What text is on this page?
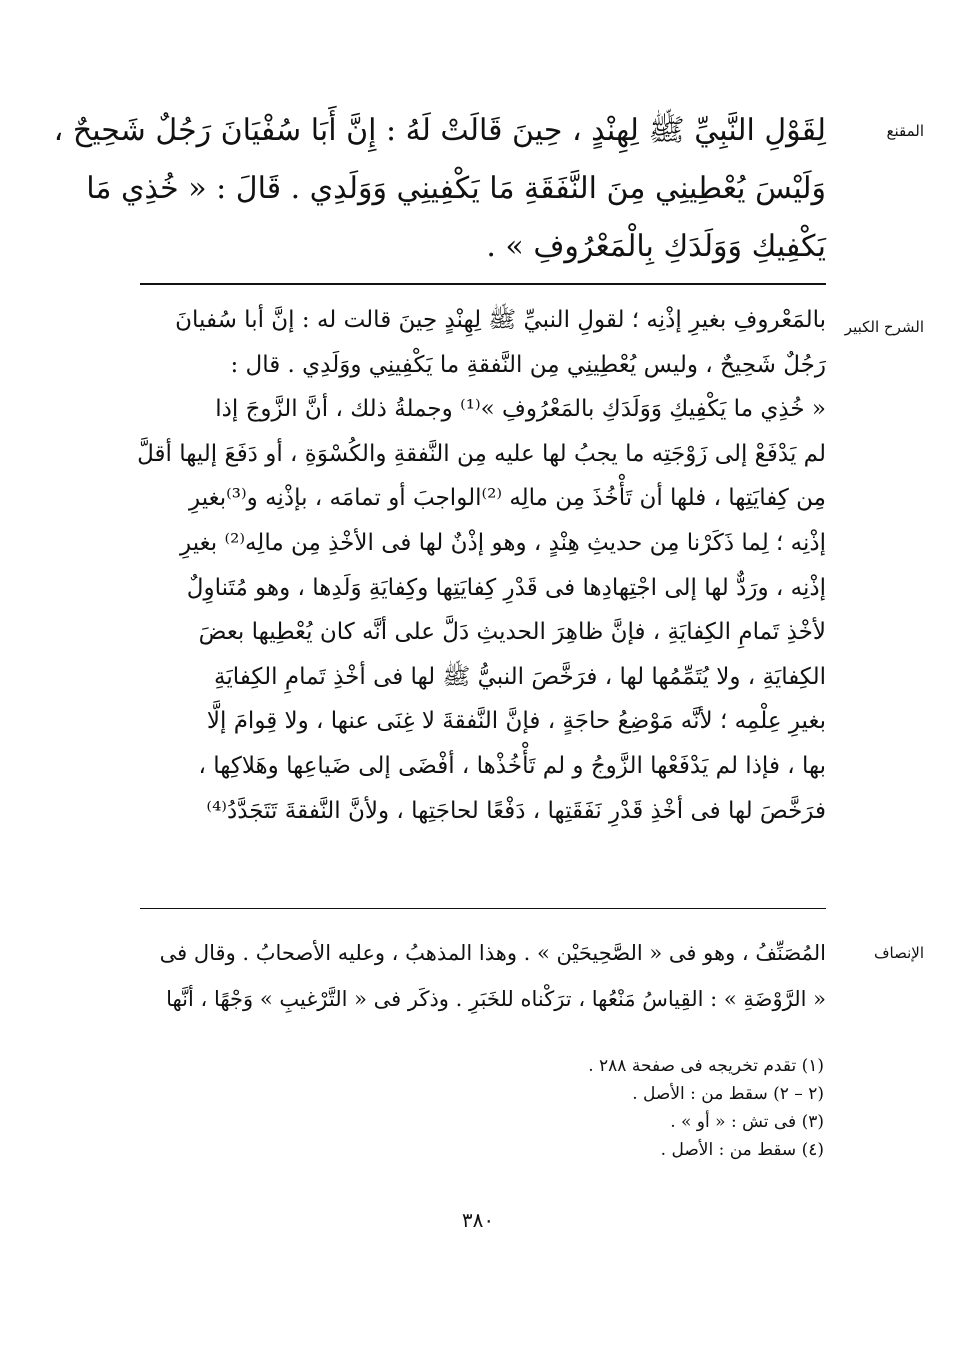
المقنع
لِقَوْلِ النَّبِيِّ ﷺ لِهِنْدٍ ، حِينَ قَالَتْ لَهُ : إِنَّ أَبَا سُفْيَانَ رَجُلٌ شَحِيحٌ ،
وَلَيْسَ يُعْطِينِي مِنَ النَّفَقَةِ مَا يَكْفِينِي وَوَلَدِي . قَالَ : « خُذِي مَا
يَكْفِيكِ وَوَلَدَكِ بِالْمَعْرُوفِ » .
الشرح الكبير
بالمَعْروفِ بغيرِ إذْنِه ؛ لقولِ النبيِّ ﷺ لِهِنْدٍ حِينَ قالت له : إنَّ أبا سُفيانَ
رَجُلٌ شَحِيحٌ ، وليس يُعْطِينِي مِن النَّفقةِ ما يَكْفِينِي ووَلَدِي . قال :
« خُذِي ما يَكْفِيكِ وَوَلَدَكِ بالمَعْرُوفِ »⁽¹⁾ وجملةُ ذلك ، أنَّ الزَّوجَ إذا
لم يَدْفَعْ إلى زَوْجَتِه ما يجبُ لها عليه مِن النَّفقةِ والكُسْوَةِ ، أو دَفَعَ إليها أقلَّ
مِن كِفايَتِها ، فلها أن تَأْخُذَ مِن مالِه ⁽²⁾الواجبَ أو تمامَه ، بإذْنِه و⁽³⁾بغيرِ
إذْنِه ؛ لِما ذَكَرْنا مِن حديثِ هِنْدٍ ، وهو إذْنٌ لها فى الأخْذِ مِن مالِه⁽²⁾ بغيرِ
إذْنِه ، ورَدٌّ لها إلى اجْتِهادِها فى قَدْرِ كِفايَتِها وكِفايَةِ وَلَدِها ، وهو مُتَناوِلٌ
لأخْذِ تَمامِ الكِفايَةِ ، فإنَّ ظاهِرَ الحديثِ دَلَّ على أنَّه كان يُعْطِيها بعضَ
الكِفايَةِ ، ولا يُتَمِّمُها لها ، فرَخَّصَ النبيُّ ﷺ لها فى أخْذِ تَمامِ الكِفايَةِ
بغيرِ عِلْمِه ؛ لأنَّه مَوْضِعُ حاجَةٍ ، فإنَّ النَّفقةَ لا غِنَى عنها ، ولا قِوامَ إلَّا
بها ، فإذا لم يَدْفَعْها الزَّوجُ و لم تَأْخُذْها ، أفْضَى إلى ضَياعِها وهَلاكِها ،
فرَخَّصَ لها فى أخْذِ قَدْرِ نَفَقَتِها ، دَفْعًا لحاجَتِها ، ولأنَّ النَّفقةَ تَتَجَدَّدُ⁽⁴⁾
الإنصاف
المُصَنِّفُ ، وهو فى « الصَّحِيحَيْن » . وهذا المذهبُ ، وعليه الأصحابُ . وقال فى
« الرَّوْضَةِ » : القِياسُ مَنْعُها ، ترَكْناه للخَبَرِ . وذكَر فى « التَّرْغيبِ » وَجْهًا ، أنَّها
(١) تقدم تخريجه فى صفحة ٢٨٨ .
(٢ – ٢) سقط من : الأصل .
(٣) فى تش : « أو » .
(٤) سقط من : الأصل .
٣٨٠
